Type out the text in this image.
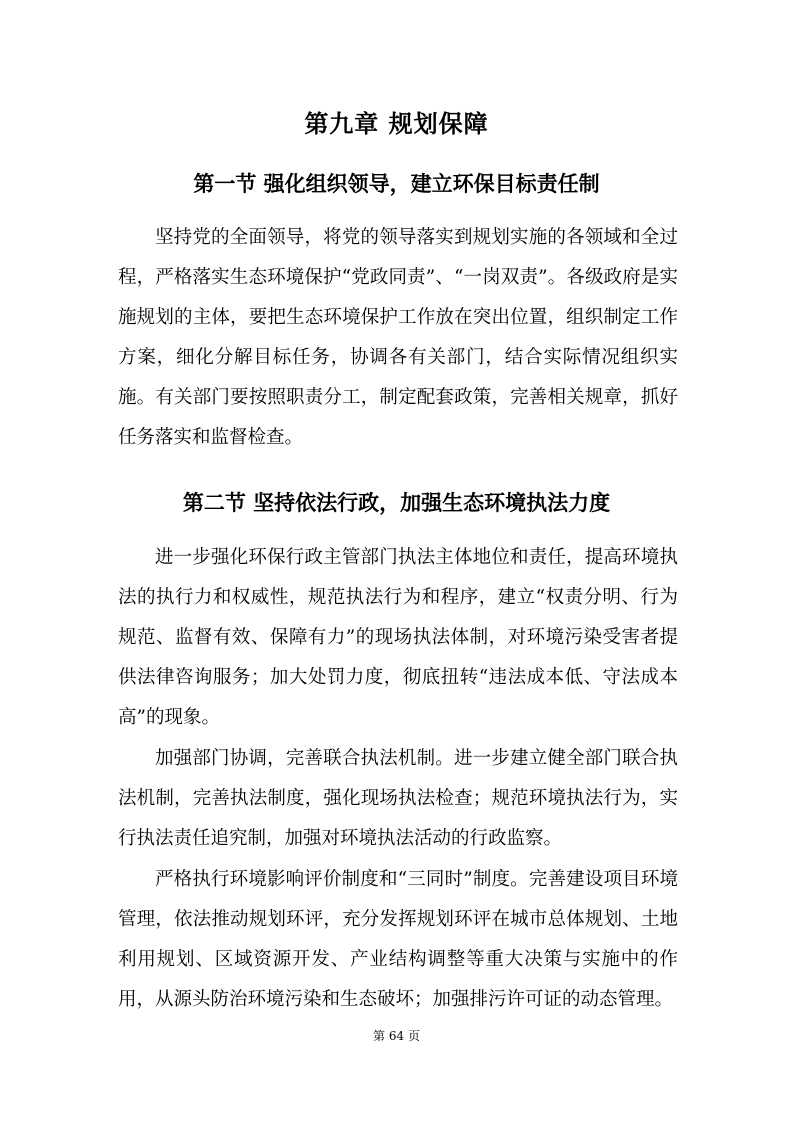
第九章 规划保障
第一节 强化组织领导，建立环保目标责任制

坚持党的全面领导，将党的领导落实到规划实施的各领域和全过程，严格落实生态环境保护“党政同责”、“一岗双责”。各级政府是实施规划的主体，要把生态环境保护工作放在突出位置，组织制定工作方案，细化分解目标任务，协调各有关部门，结合实际情况组织实施。有关部门要按照职责分工，制定配套政策，完善相关规章，抓好任务落实和监督检查。

第二节 坚持依法行政，加强生态环境执法力度

进一步强化环保行政主管部门执法主体地位和责任，提高环境执法的执行力和权威性，规范执法行为和程序，建立“权责分明、行为规范、监督有效、保障有力”的现场执法体制，对环境污染受害者提供法律咨询服务；加大处罚力度，彻底扭转“违法成本低、守法成本高”的现象。

加强部门协调，完善联合执法机制。进一步建立健全部门联合执法机制，完善执法制度，强化现场执法检查；规范环境执法行为，实行执法责任追究制，加强对环境执法活动的行政监察。

严格执行环境影响评价制度和“三同时”制度。完善建设项目环境管理，依法推动规划环评，充分发挥规划环评在城市总体规划、土地利用规划、区域资源开发、产业结构调整等重大决策与实施中的作用，从源头防治环境污染和生态破坏；加强排污许可证的动态管理。

第 64 页
